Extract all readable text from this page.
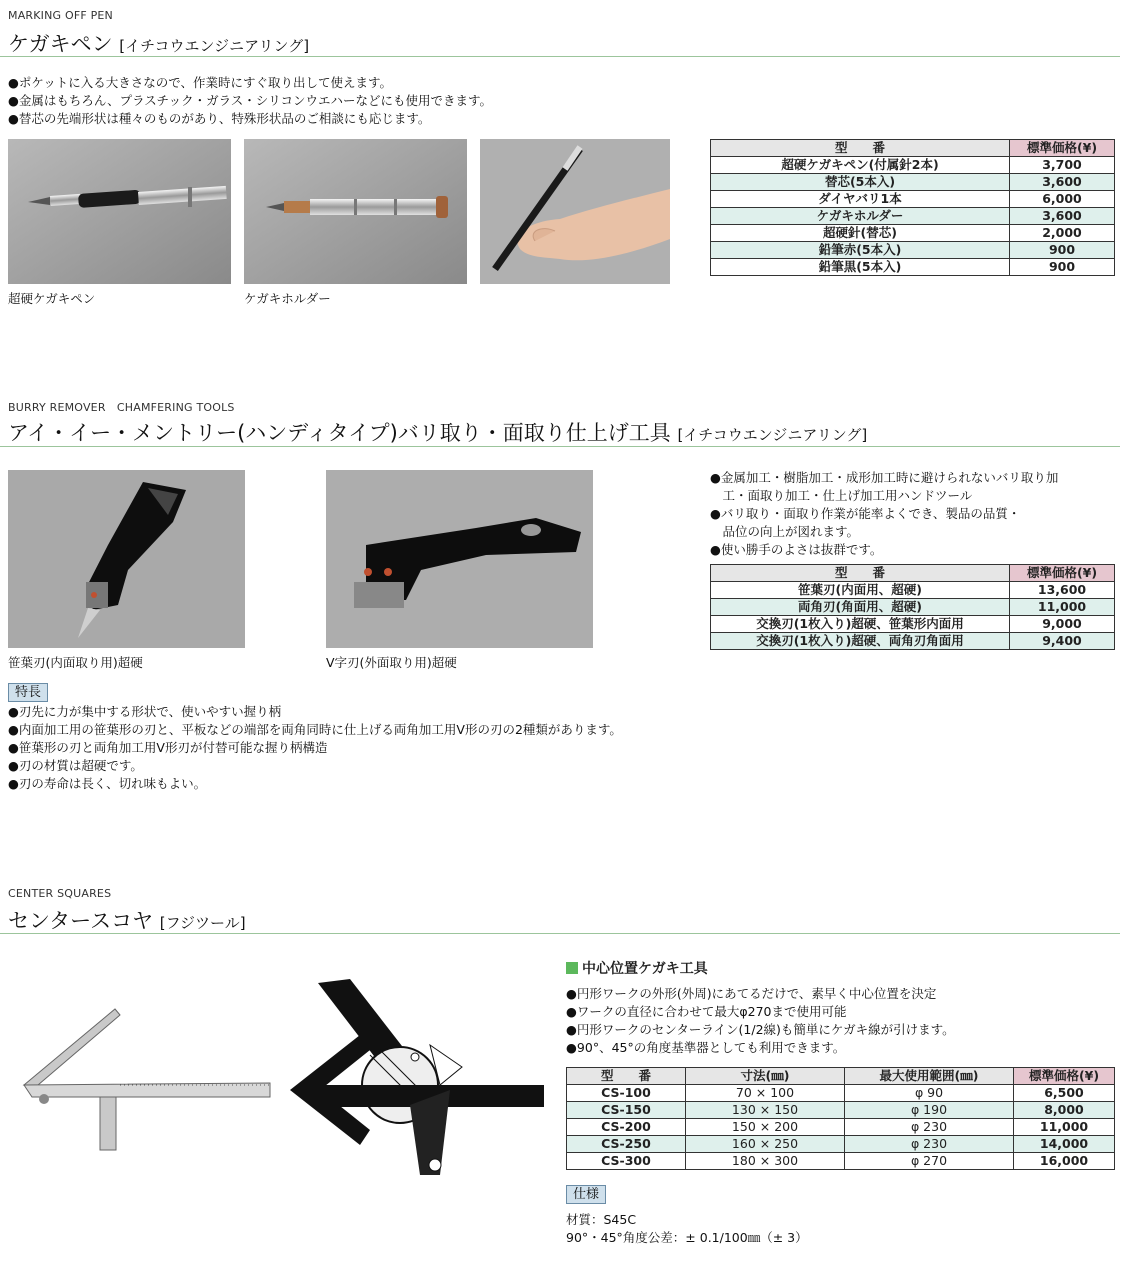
MARKING OFF PEN
ケガキペン [イチコウエンジニアリング]
●ポケットに入る大きさなので、作業時にすぐ取り出して使えます。
●金属はもちろん、プラスチック・ガラス・シリコンウエハーなどにも使用できます。
●替芯の先端形状は種々のものがあり、特殊形状品のご相談にも応じます。
超硬ケガキペン	ケガキホルダー
型　　番	標準価格(¥)
超硬ケガキペン(付属針2本)	3,700
替芯(5本入)	3,600
ダイヤバリ1本	6,000
ケガキホルダー	3,600
超硬針(替芯)	2,000
鉛筆赤(5本入)	900
鉛筆黒(5本入)	900
BURRY REMOVER　CHAMFERING TOOLS
アイ・イー・メントリー(ハンディタイプ)バリ取り・面取り仕上げ工具 [イチコウエンジニアリング]
笹葉刃(内面取り用)超硬	V字刃(外面取り用)超硬
●金属加工・樹脂加工・成形加工時に避けられないバリ取り加
　工・面取り加工・仕上げ加工用ハンドツール
●バリ取り・面取り作業が能率よくでき、製品の品質・
　品位の向上が図れます。
●使い勝手のよさは抜群です。
型　　番	標準価格(¥)
笹葉刃(内面用、超硬)	13,600
両角刃(角面用、超硬)	11,000
交換刃(1枚入り)超硬、笹葉形内面用	9,000
交換刃(1枚入り)超硬、両角刃角面用	9,400
特長
●刃先に力が集中する形状で、使いやすい握り柄
●内面加工用の笹葉形の刃と、平板などの端部を両角同時に仕上げる両角加工用V形の刃の2種類があります。
●笹葉形の刃と両角加工用V形刃が付替可能な握り柄構造
●刃の材質は超硬です。
●刃の寿命は長く、切れ味もよい。
CENTER SQUARES
センタースコヤ [フジツール]
中心位置ケガキ工具
●円形ワークの外形(外周)にあてるだけで、素早く中心位置を決定
●ワークの直径に合わせて最大φ270まで使用可能
●円形ワークのセンターライン(1/2線)も簡単にケガキ線が引けます。
●90°、45°の角度基準器としても利用できます。
型　　番	寸法(㎜)	最大使用範囲(㎜)	標準価格(¥)
CS-100	70 × 100	φ 90	6,500
CS-150	130 × 150	φ 190	8,000
CS-200	150 × 200	φ 230	11,000
CS-250	160 × 250	φ 230	14,000
CS-300	180 × 300	φ 270	16,000
仕様
材質：S45C
90°・45°角度公差：± 0.1/100㎜（± 3）
